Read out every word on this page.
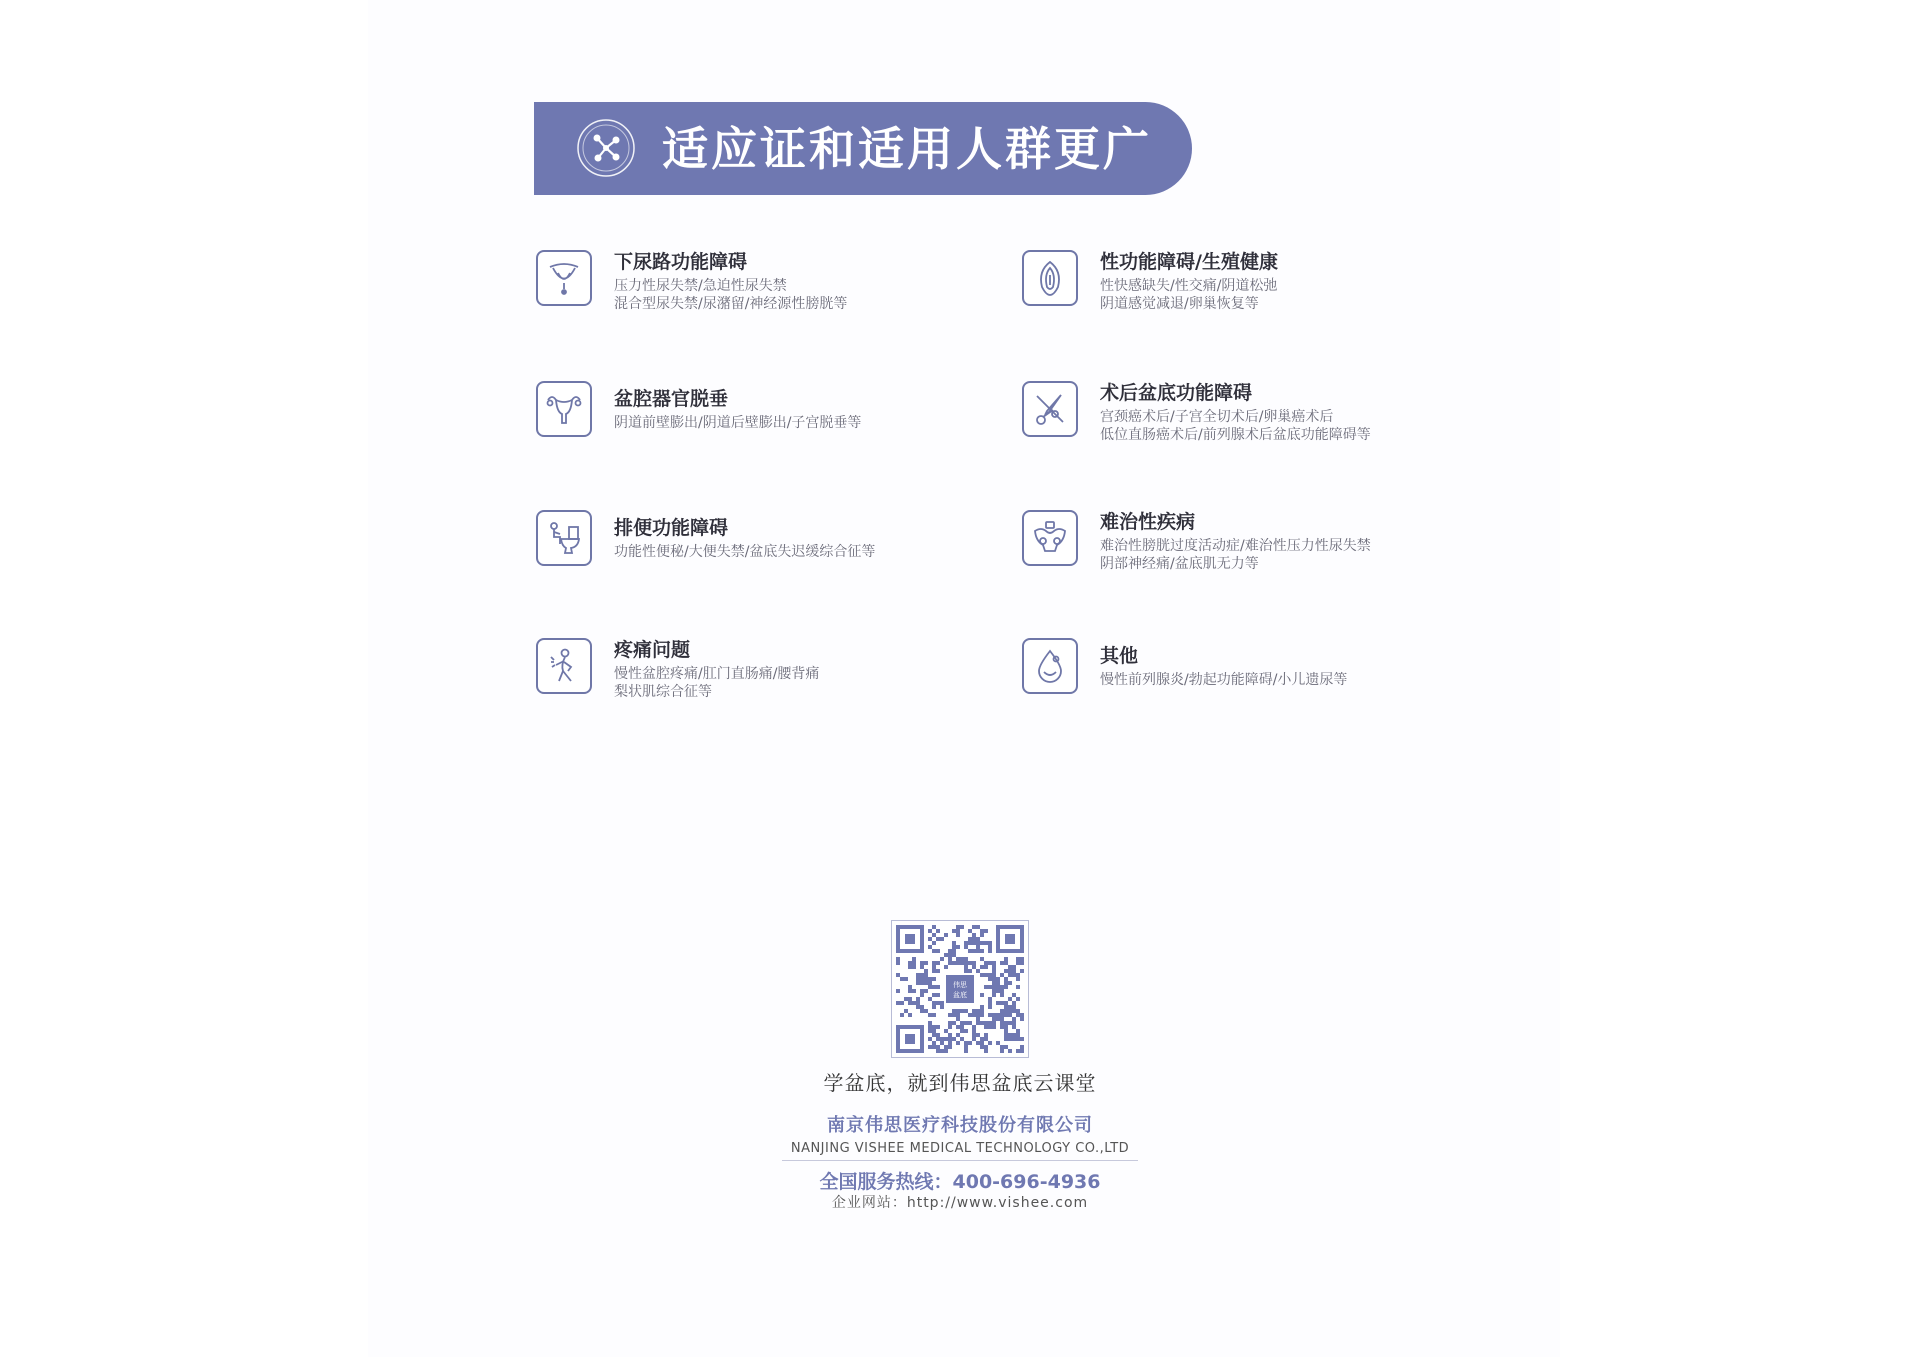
适应证和适用人群更广
下尿路功能障碍
压力性尿失禁/急迫性尿失禁
混合型尿失禁/尿潴留/神经源性膀胱等
性功能障碍/生殖健康
性快感缺失/性交痛/阴道松弛
阴道感觉减退/卵巢恢复等
盆腔器官脱垂
阴道前壁膨出/阴道后壁膨出/子宫脱垂等
术后盆底功能障碍
宫颈癌术后/子宫全切术后/卵巢癌术后
低位直肠癌术后/前列腺术后盆底功能障碍等
排便功能障碍
功能性便秘/大便失禁/盆底失迟缓综合征等
难治性疾病
难治性膀胱过度活动症/难治性压力性尿失禁
阴部神经痛/盆底肌无力等
疼痛问题
慢性盆腔疼痛/肛门直肠痛/腰背痛
梨状肌综合征等
其他
慢性前列腺炎/勃起功能障碍/小儿遗尿等
伟思
盆底
学盆底，就到伟思盆底云课堂
南京伟思医疗科技股份有限公司
NANJING VISHEE MEDICAL TECHNOLOGY CO.,LTD
全国服务热线：400-696-4936
企业网站：http://www.vishee.com
